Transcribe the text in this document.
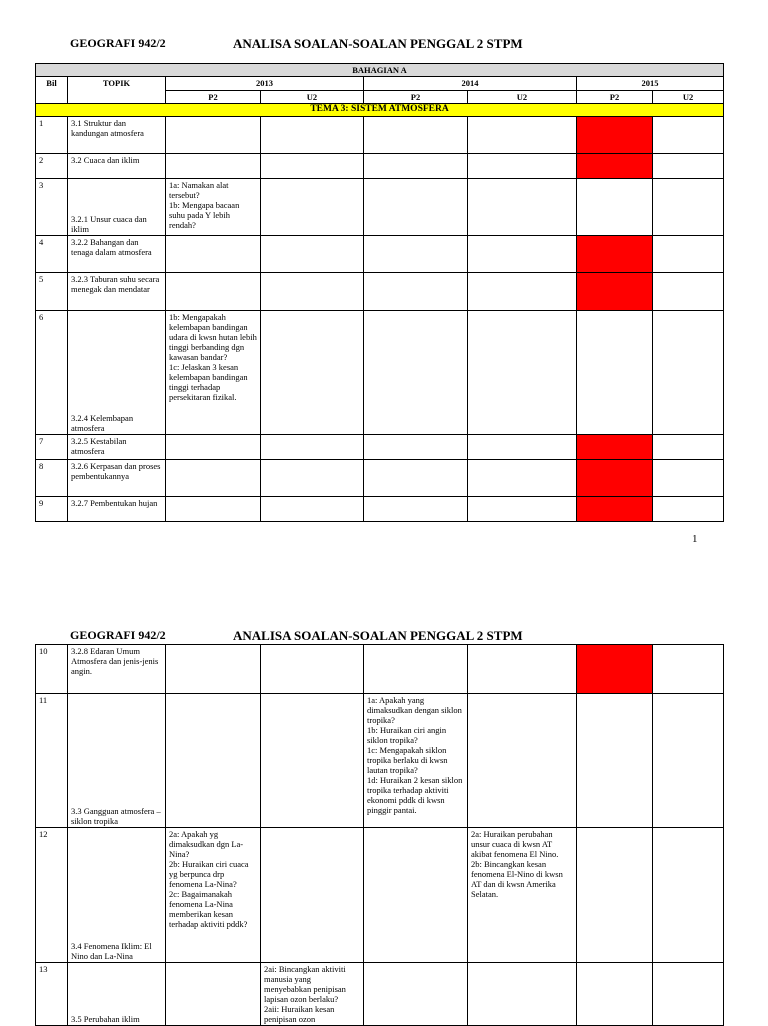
GEOGRAFI 942/2	ANALISA SOALAN-SOALAN PENGGAL 2 STPM
BAHAGIAN A							
Bil	TOPIK	2013		2014		2015	
		P2	U2	P2	U2	P2	U2
TEMA 3: SISTEM ATMOSFERA							
1	3.1 Struktur dan kandungan atmosfera						
2	3.2 Cuaca dan iklim						
3	3.2.1 Unsur cuaca dan iklim	1a: Namakan alat tersebut?
1b: Mengapa bacaan suhu pada Y lebih rendah?					
4	3.2.2 Bahangan dan tenaga dalam atmosfera						
5	3.2.3 Taburan suhu secara menegak dan mendatar						
6	3.2.4 Kelembapan atmosfera	1b: Mengapakah kelembapan bandingan udara di kwsn hutan lebih tinggi berbanding dgn kawasan bandar?
1c: Jelaskan 3 kesan kelembapan bandingan tinggi terhadap persekitaran fizikal.					
7	3.2.5 Kestabilan atmosfera						
8	3.2.6 Kerpasan dan proses pembentukannya						
9	3.2.7 Pembentukan hujan						
1
GEOGRAFI 942/2	ANALISA SOALAN-SOALAN PENGGAL 2 STPM
10	3.2.8 Edaran Umum Atmosfera dan jenis-jenis angin.						
11	3.3 Gangguan atmosfera – siklon tropika			1a: Apakah yang dimaksudkan dengan siklon tropika?
1b: Huraikan ciri angin siklon tropika?
1c: Mengapakah siklon tropika berlaku di kwsn lautan tropika?
1d: Huraikan 2 kesan siklon tropika terhadap aktiviti ekonomi pddk di kwsn pinggir pantai.			
12	3.4 Fenomena Iklim: El Nino dan La-Nina	2a: Apakah yg dimaksudkan dgn La-Nina?
2b: Huraikan ciri cuaca yg berpunca drp fenomena La-Nina?
2c: Bagaimanakah fenomena La-Nina memberikan kesan terhadap aktiviti pddk?			2a: Huraikan perubahan unsur cuaca di kwsn AT akibat fenomena El Nino.
2b: Bincangkan kesan fenomena El-Nino di kwsn AT dan di kwsn Amerika Selatan.		
13	3.5 Perubahan iklim		2ai: Bincangkan aktiviti manusia yang menyebabkan penipisan lapisan ozon berlaku?
2aii: Huraikan kesan penipisan ozon				
